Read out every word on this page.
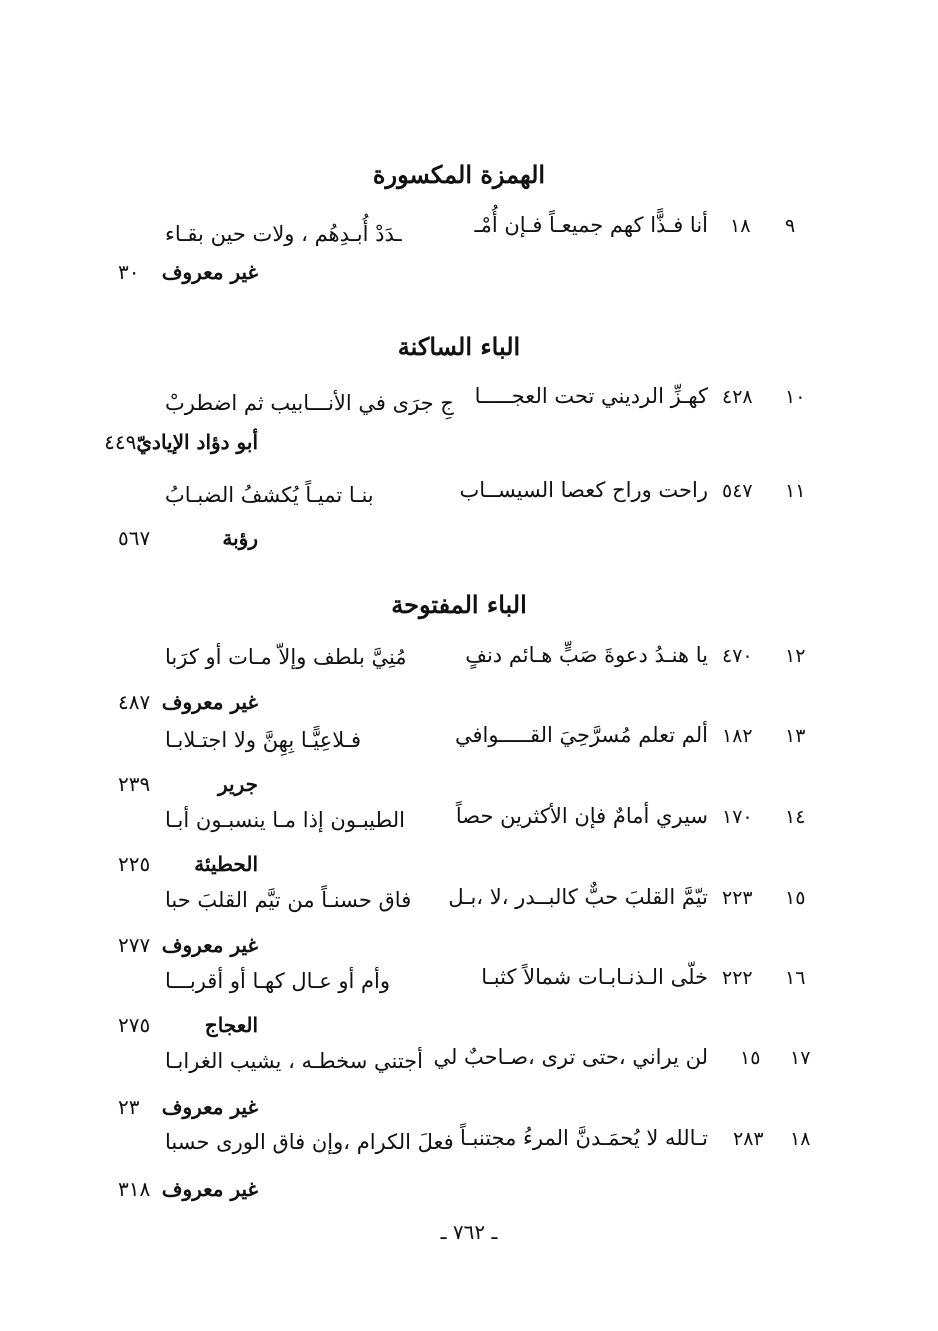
الهمزة المكسورة
٩
١٨
أنا فـذًّا كهم جميعـاً فـإن أُمْـ
ـدَدْ أُبـدِهُم ، ولات حين بقـاء
غير معروف
٣٠
الباء الساكنة
١٠
٤٢٨
كهـزِّ الرديني تحت العجـــــا
جِ جرَى في الأنـــابيب ثم اضطربْ
أبو دؤاد الإياديّ
٤٤٩
١١
٥٤٧
راحت وراح كعصا السيســاب
بنـا تميـاً يُكشفُ الضبـابُ
رؤبة
٥٦٧
الباء المفتوحة
١٢
٤٧٠
يا هنـدُ دعوةَ صَبٍّ هـائم دنفٍ
مُنِيَّ بلطف وإلاّ مـات أو كرَبا
غير معروف
٤٨٧
١٣
١٨٢
ألم تعلم مُسرَّحِيَ القـــــوافي
فـلاعِيًّـا بِهِنَّ ولا اجتـلابـا
جرير
٢٣٩
١٤
١٧٠
سيري أمامٌ فإن الأكثرين حصاً
الطيبـون إذا مـا ينسبـون أبـا
الحطيئة
٢٢٥
١٥
٢٢٣
تيّمَّ القلبَ حبٌّ كالبــدر ،لا ،بـل
فاق حسنـاً من تيَّم القلبَ حبا
غير معروف
٢٧٧
١٦
٢٢٢
خلّى الـذنـابـات شمالاً كثبـا
وأم أو عـال كهـا أو أقربـــا
العجاج
٢٧٥
١٧
١٥
لن يراني ،حتى ترى ،صـاحبٌ لي
أجتني سخطـه ، يشيب الغرابـا
غير معروف
٢٣
١٨
٢٨٣
تـالله لا يُحمَـدنَّ المرءُ مجتنبـاً
فعلَ الكرام ،وإن فاق الورى حسبا
غير معروف
٣١٨
ـ ٧٦٢ ـ
